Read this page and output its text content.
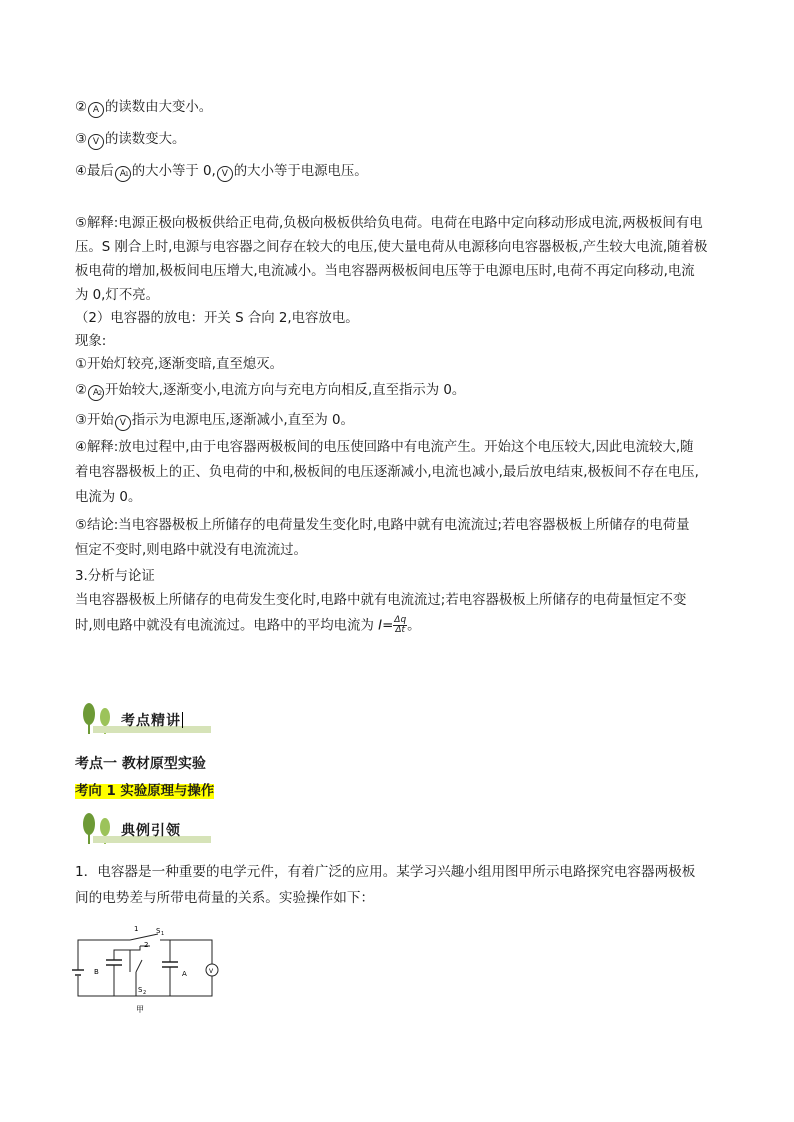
② A 的读数由大变小。
③ V 的读数变大。
④最后 A 1 的大小等于 0, V 的大小等于电源电压。
⑤解释:电源正极向极板供给正电荷,负极向极板供给负电荷。电荷在电路中定向移动形成电流,两极板间有电
压。S 刚合上时,电源与电容器之间存在较大的电压,使大量电荷从电源移向电容器极板,产生较大电流,随着极
板电荷的增加,极板间电压增大,电流减小。当电容器两极板间电压等于电源电压时,电荷不再定向移动,电流
为 0,灯不亮。
（2）电容器的放电：开关 S 合向 2,电容放电。
现象:
①开始灯较亮,逐渐变暗,直至熄灭。
② A 2 开始较大,逐渐变小,电流方向与充电方向相反,直至指示为 0。
③开始 V 指示为电源电压,逐渐减小,直至为 0。
④解释:放电过程中,由于电容器两极板间的电压使回路中有电流产生。开始这个电压较大,因此电流较大,随
着电容器极板上的正、负电荷的中和,极板间的电压逐渐减小,电流也减小,最后放电结束,极板间不存在电压,
电流为 0。
⑤结论:当电容器极板上所储存的电荷量发生变化时,电路中就有电流流过;若电容器极板上所储存的电荷量
恒定不变时,则电路中就没有电流流过。
3.分析与论证
当电容器极板上所储存的电荷发生变化时,电路中就有电流流过;若电容器极板上所储存的电荷量恒定不变
时,则电路中就没有电流流过。电路中的平均电流为 $I= \frac{\Delta q}{\Delta t}$ 。
考点精讲
考点一 教材原型实验
考向 1 实验原理与操作
典例引领
1．电容器是一种重要的电学元件，有着广泛的应用。某学习兴趣小组用图甲所示电路探究电容器两极板
间的电势差与所带电荷量的关系。实验操作如下：
1
2
S 1
B	A	V
S 2
甲
